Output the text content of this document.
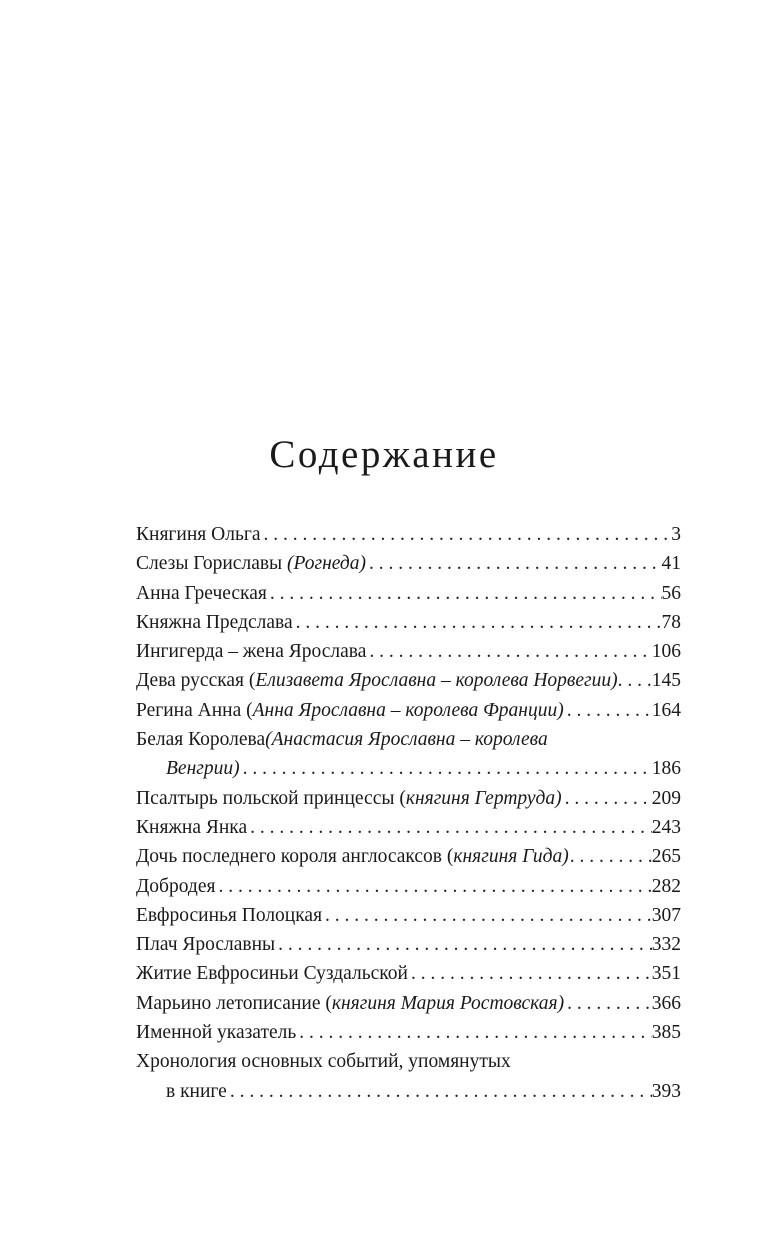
Содержание
Княгиня Ольга . . .	3
Слезы Гориславы (Рогнеда) . . .	41
Анна Греческая . . .	56
Княжна Предслава . . .	78
Ингигерда – жена Ярослава . . .	106
Дева русская (Елизавета Ярославна – королева Норвегии) . . . 145
Регина Анна (Анна Ярославна – королева Франции) . . .	164
Белая Королева(Анастасия Ярославна – королева
Венгрии) . . .	186
Псалтырь польской принцессы (княгиня Гертруда) . . .	209
Княжна Янка . . .	243
Дочь последнего короля англосаксов (княгиня Гида) . . .	265
Добродея . . .	282
Евфросинья Полоцкая . . .	307
Плач Ярославны . . .	332
Житие Евфросиньи Суздальской . . .	351
Марьино летописание (княгиня Мария Ростовская) . . .	366
Именной указатель . . .	385
Хронология основных событий, упомянутых
в книге . . .	393
